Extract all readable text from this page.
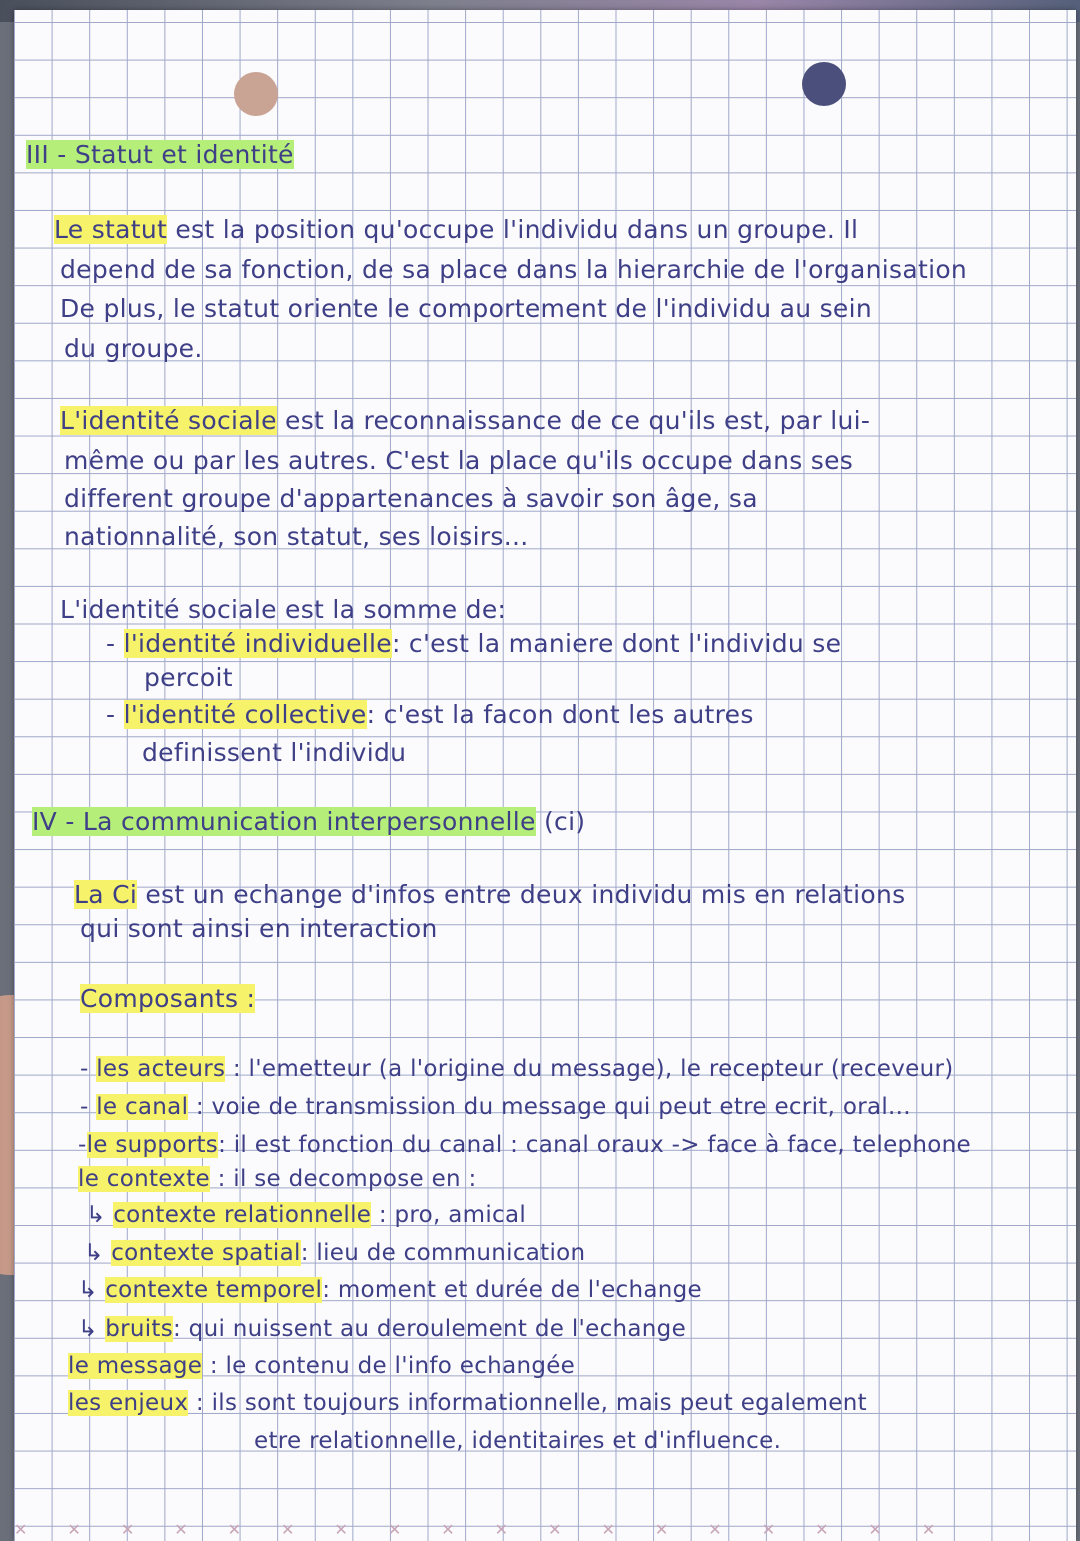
III - Statut et identité
Le statut est la position qu'occupe l'individu dans un groupe. Il
depend de sa fonction, de sa place dans la hierarchie de l'organisation
De plus, le statut oriente le comportement de l'individu au sein
du groupe.
L'identité sociale est la reconnaissance de ce qu'ils est, par lui-
même ou par les autres. C'est la place qu'ils occupe dans ses
different groupe d'appartenances à savoir son âge, sa
nationnalité, son statut, ses loisirs...
L'identité sociale est la somme de:
- l'identité individuelle: c'est la maniere dont l'individu se
percoit
- l'identité collective: c'est la facon dont les autres
definissent l'individu
IV - La communication interpersonnelle (ci)
La Ci est un echange d'infos entre deux individu mis en relations
qui sont ainsi en interaction
Composants :
- les acteurs : l'emetteur (a l'origine du message), le recepteur (receveur)
- le canal : voie de transmission du message qui peut etre ecrit, oral...
-le supports: il est fonction du canal : canal oraux -> face à face, telephone
le contexte : il se decompose en :
↳ contexte relationnelle : pro, amical
↳ contexte spatial: lieu de communication
↳ contexte temporel: moment et durée de l'echange
↳ bruits: qui nuissent au deroulement de l'echange
le message : le contenu de l'info echangée
les enjeux : ils sont toujours informationnelle, mais peut egalement
etre relationnelle, identitaires et d'influence.
✕✕✕✕✕✕✕✕✕✕✕✕✕✕✕✕✕✕
